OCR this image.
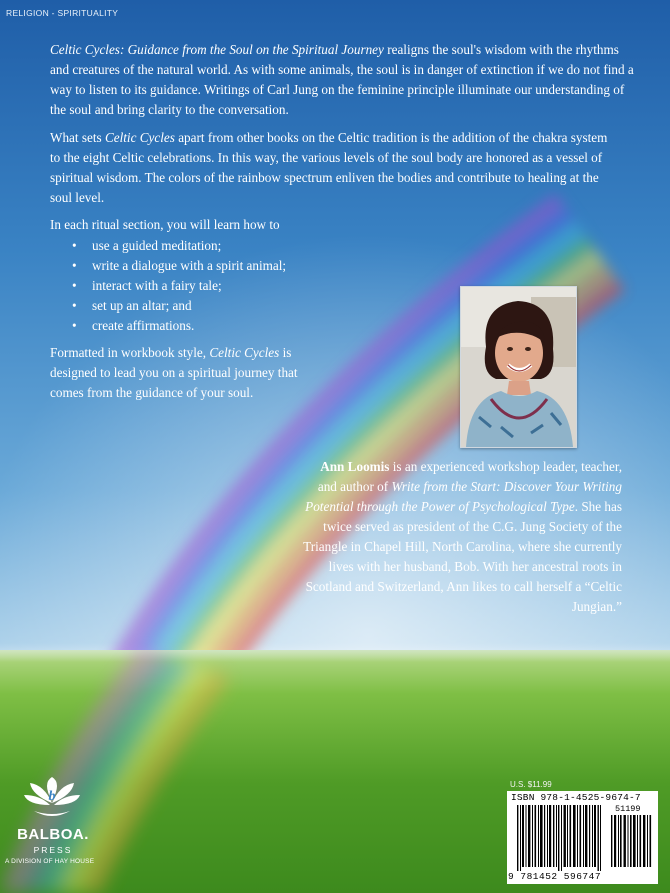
RELIGION - SPIRITUALITY
Celtic Cycles: Guidance from the Soul on the Spiritual Journey realigns the soul's wisdom with the rhythms and creatures of the natural world. As with some animals, the soul is in danger of extinction if we do not find a way to listen to its guidance. Writings of Carl Jung on the feminine principle illuminate our understanding of the soul and bring clarity to the conversation.
What sets Celtic Cycles apart from other books on the Celtic tradition is the addition of the chakra system to the eight Celtic celebrations. In this way, the various levels of the soul body are honored as a vessel of spiritual wisdom. The colors of the rainbow spectrum enliven the bodies and contribute to healing at the soul level.
In each ritual section, you will learn how to
• use a guided meditation;
• write a dialogue with a spirit animal;
• interact with a fairy tale;
• set up an altar; and
• create affirmations.
Formatted in workbook style, Celtic Cycles is designed to lead you on a spiritual journey that comes from the guidance of your soul.
Ann Loomis is an experienced workshop leader, teacher, and author of Write from the Start: Discover Your Writing Potential through the Power of Psychological Type. She has twice served as president of the C.G. Jung Society of the Triangle in Chapel Hill, North Carolina, where she currently lives with her husband, Bob. With her ancestral roots in Scotland and Switzerland, Ann likes to call herself a “Celtic Jungian.”
U.S. $11.99
ISBN 978-1-4525-9674-7
51199
9 781452 596747
b
BALBOA.
PRESS
A DIVISION OF HAY HOUSE
